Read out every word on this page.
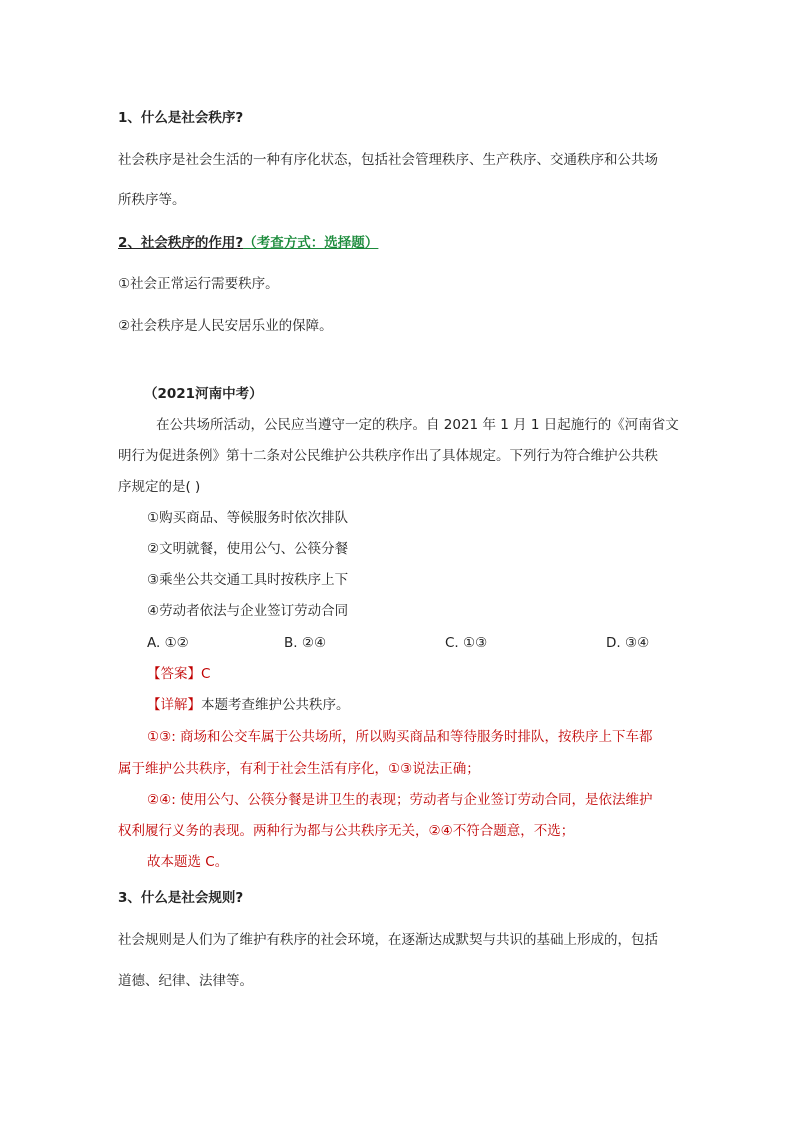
1、什么是社会秩序?
社会秩序是社会生活的一种有序化状态，包括社会管理秩序、生产秩序、交通秩序和公共场
所秩序等。
2、社会秩序的作用?（考查方式：选择题）
①社会正常运行需要秩序。
②社会秩序是人民安居乐业的保障。
（2021河南中考）
在公共场所活动，公民应当遵守一定的秩序。自 2021 年 1 月 1 日起施行的《河南省文
明行为促进条例》第十二条对公民维护公共秩序作出了具体规定。下列行为符合维护公共秩
序规定的是( )
①购买商品、等候服务时依次排队
②文明就餐，使用公勺、公筷分餐
③乘坐公共交通工具时按秩序上下
④劳动者依法与企业签订劳动合同
A. ①②	B. ②④	C. ①③	D. ③④
【答案】C
【详解】本题考查维护公共秩序。
①③: 商场和公交车属于公共场所，所以购买商品和等待服务时排队，按秩序上下车都
属于维护公共秩序，有利于社会生活有序化，①③说法正确；
②④: 使用公勺、公筷分餐是讲卫生的表现；劳动者与企业签订劳动合同，是依法维护
权利履行义务的表现。两种行为都与公共秩序无关，②④不符合题意，不选；
故本题选 C。
3、什么是社会规则?
社会规则是人们为了维护有秩序的社会环境，在逐渐达成默契与共识的基础上形成的，包括
道德、纪律、法律等。
